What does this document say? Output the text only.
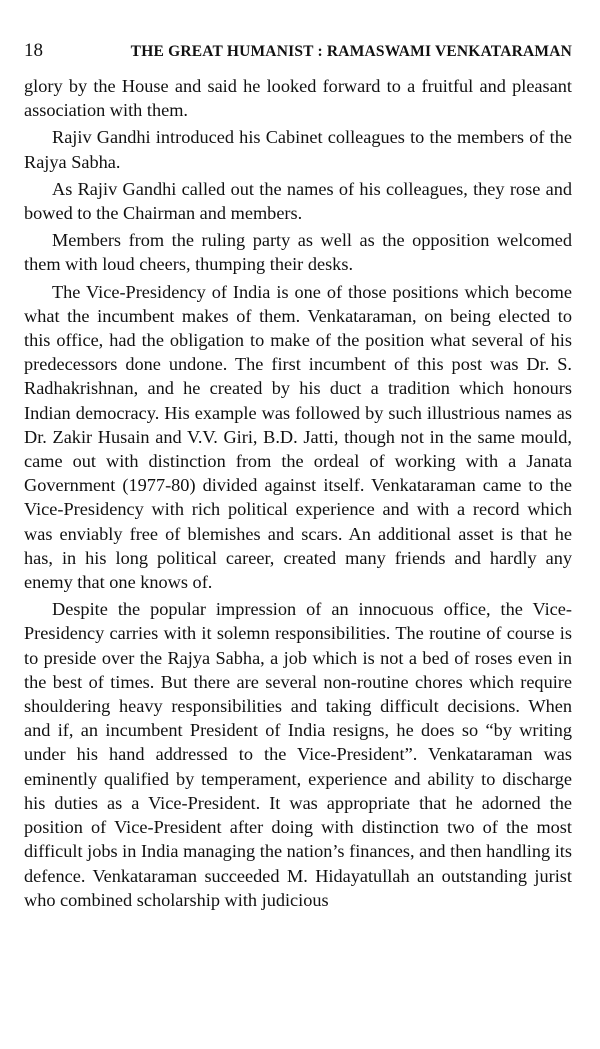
18	THE GREAT HUMANIST : RAMASWAMI VENKATARAMAN

glory by the House and said he looked forward to a fruitful and pleasant association with them.

Rajiv Gandhi introduced his Cabinet colleagues to the members of the Rajya Sabha.

As Rajiv Gandhi called out the names of his colleagues, they rose and bowed to the Chairman and members.

Members from the ruling party as well as the opposition welcomed them with loud cheers, thumping their desks.

The Vice-Presidency of India is one of those positions which become what the incumbent makes of them. Venkataraman, on being elected to this office, had the obligation to make of the position what several of his predecessors done undone. The first incumbent of this post was Dr. S. Radhakrishnan, and he created by his duct a tradition which honours Indian democracy. His example was followed by such illustrious names as Dr. Zakir Husain and V.V. Giri, B.D. Jatti, though not in the same mould, came out with distinction from the ordeal of working with a Janata Government (1977-80) divided against itself. Venkataraman came to the Vice-Presidency with rich political experience and with a record which was enviably free of blemishes and scars. An additional asset is that he has, in his long political career, created many friends and hardly any enemy that one knows of.

Despite the popular impression of an innocuous office, the Vice-Presidency carries with it solemn responsibilities. The routine of course is to preside over the Rajya Sabha, a job which is not a bed of roses even in the best of times. But there are several non-routine chores which require shouldering heavy responsibilities and taking difficult decisions. When and if, an incumbent President of India resigns, he does so “by writing under his hand addressed to the Vice-President”. Venkataraman was eminently qualified by temperament, experience and ability to discharge his duties as a Vice-President. It was appropriate that he adorned the position of Vice-President after doing with distinction two of the most difficult jobs in India managing the nation’s finances, and then handling its defence. Venkataraman succeeded M. Hidayatullah an outstanding jurist who combined scholarship with judicious
